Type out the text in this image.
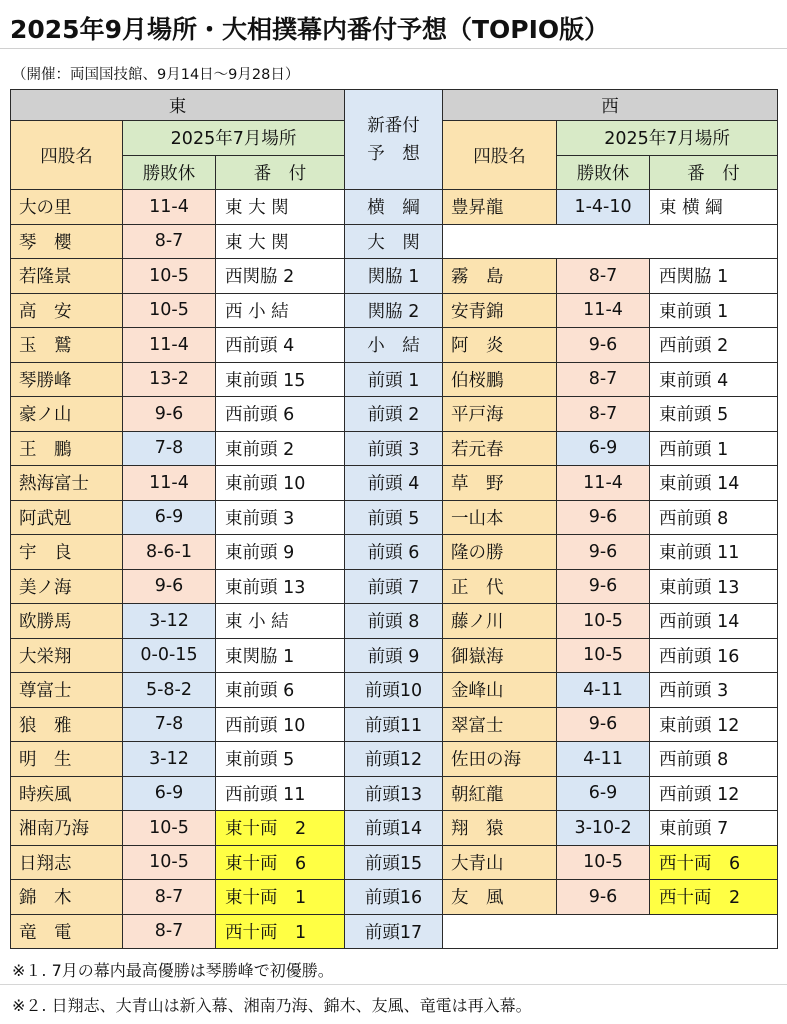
2025年9月場所・大相撲幕内番付予想（TOPIO版）
（開催：両国国技館、9月14日〜9月28日）
東			新番付
予　想	西		
四股名	2025年7月場所			四股名	2025年7月場所	
	勝敗休	番　付			勝敗休	番　付
大の里	11-4	東 大 関	横　綱	豊昇龍	1-4-10	東 横 綱
琴　櫻	8-7	東 大 関	大　関			
若隆景	10-5	西関脇 2	関脇 1	霧　島	8-7	西関脇 1
高　安	10-5	西 小 結	関脇 2	安青錦	11-4	東前頭 1
玉　鷲	11-4	西前頭 4	小　結	阿　炎	9-6	西前頭 2
琴勝峰	13-2	東前頭 15	前頭 1	伯桜鵬	8-7	東前頭 4
豪ノ山	9-6	西前頭 6	前頭 2	平戸海	8-7	東前頭 5
王　鵬	7-8	東前頭 2	前頭 3	若元春	6-9	西前頭 1
熱海富士	11-4	東前頭 10	前頭 4	草　野	11-4	東前頭 14
阿武剋	6-9	東前頭 3	前頭 5	一山本	9-6	西前頭 8
宇　良	8-6-1	東前頭 9	前頭 6	隆の勝	9-6	東前頭 11
美ノ海	9-6	東前頭 13	前頭 7	正　代	9-6	東前頭 13
欧勝馬	3-12	東 小 結	前頭 8	藤ノ川	10-5	西前頭 14
大栄翔	0-0-15	東関脇 1	前頭 9	御嶽海	10-5	西前頭 16
尊富士	5-8-2	東前頭 6	前頭10	金峰山	4-11	西前頭 3
狼　雅	7-8	西前頭 10	前頭11	翠富士	9-6	東前頭 12
明　生	3-12	東前頭 5	前頭12	佐田の海	4-11	西前頭 8
時疾風	6-9	西前頭 11	前頭13	朝紅龍	6-9	西前頭 12
湘南乃海	10-5	東十両　2	前頭14	翔　猿	3-10-2	東前頭 7
日翔志	10-5	東十両　6	前頭15	大青山	10-5	西十両　6
錦　木	8-7	東十両　1	前頭16	友　風	9-6	西十両　2
竜　電	8-7	西十両　1	前頭17			
※１. 7月の幕内最高優勝は琴勝峰で初優勝。
※２. 日翔志、大青山は新入幕、湘南乃海、錦木、友風、竜電は再入幕。
